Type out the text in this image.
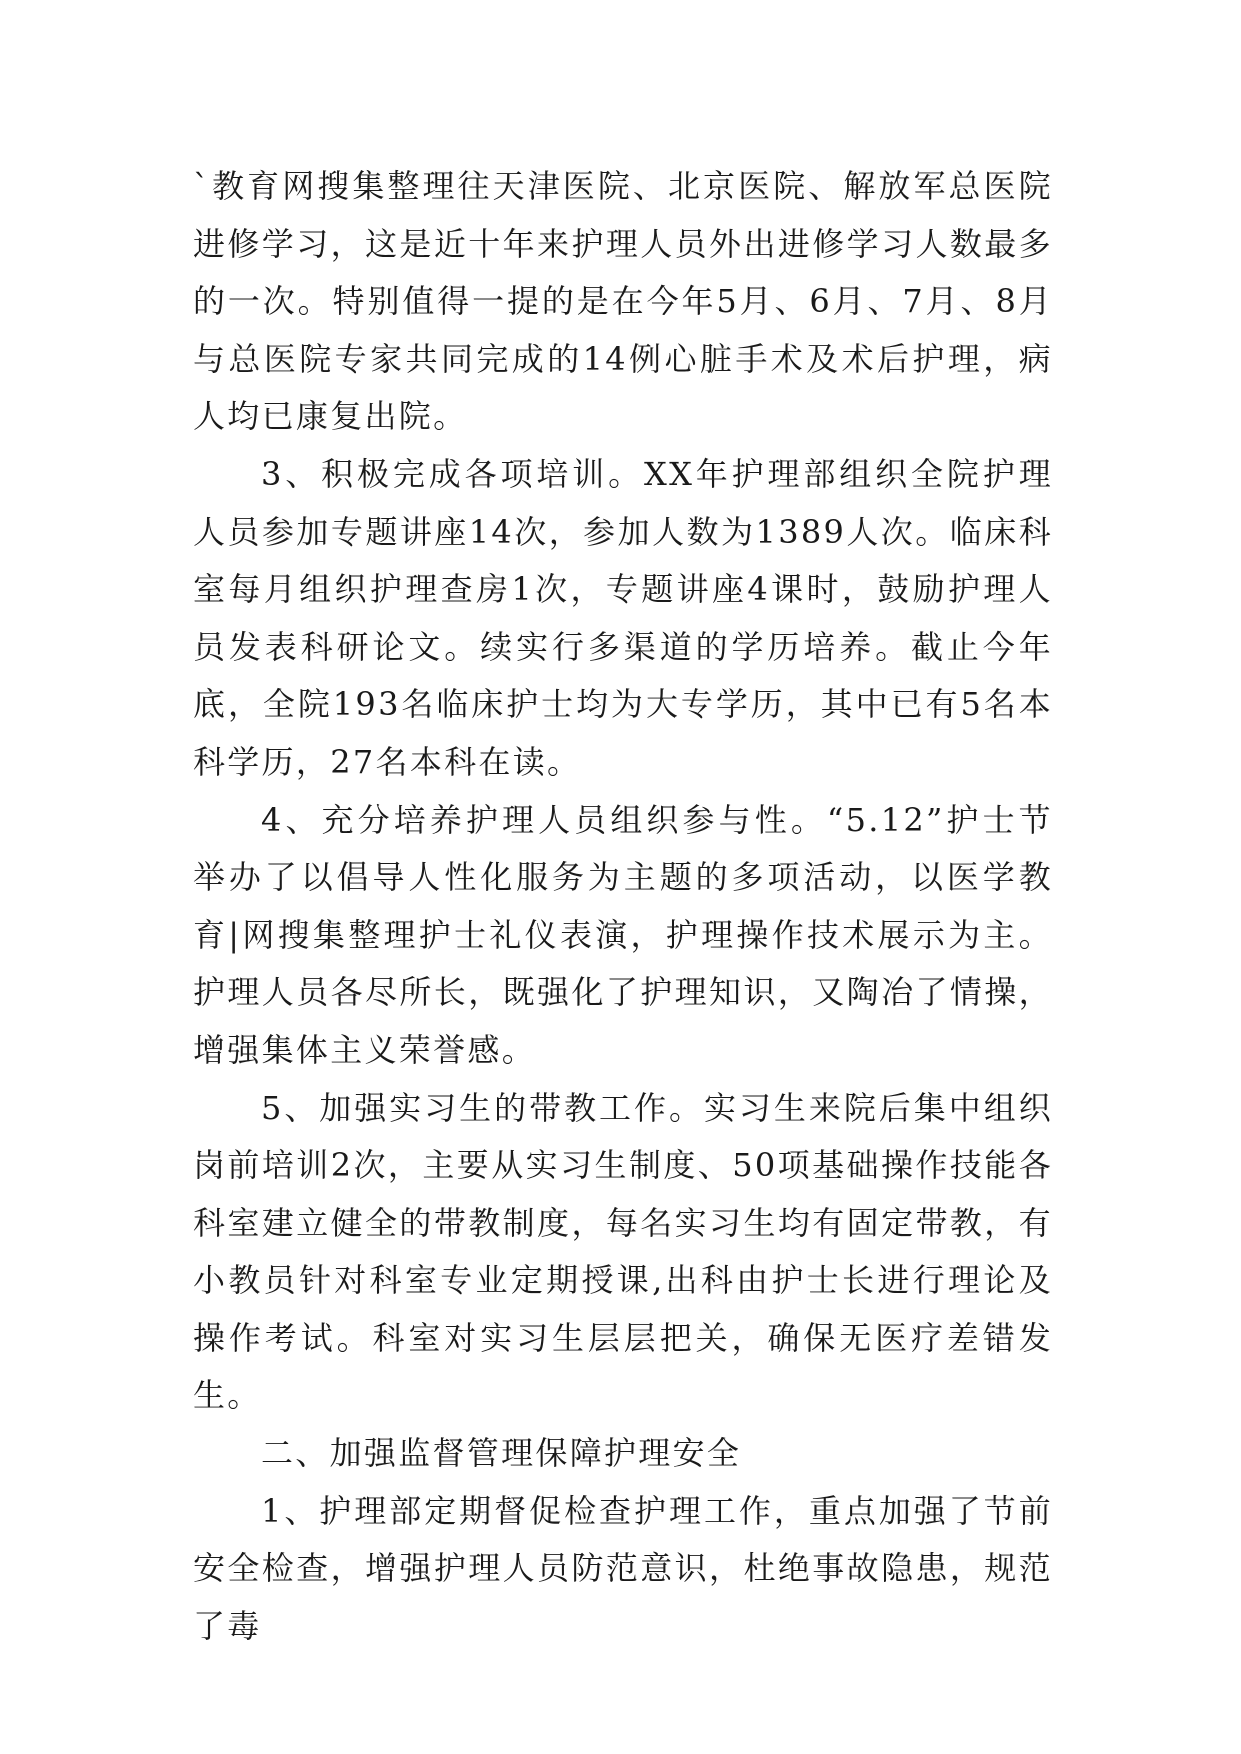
`教育网搜集整理往天津医院、北京医院、解放军总医院进修学习，这是近十年来护理人员外出进修学习人数最多的一次。特别值得一提的是在今年5月、6月、7月、8月与总医院专家共同完成的14例心脏手术及术后护理，病人均已康复出院。

3、积极完成各项培训。XX年护理部组织全院护理人员参加专题讲座14次，参加人数为1389人次。临床科室每月组织护理查房1次，专题讲座4课时，鼓励护理人员发表科研论文。续实行多渠道的学历培养。截止今年底，全院193名临床护士均为大专学历，其中已有5名本科学历，27名本科在读。

4、充分培养护理人员组织参与性。“5.12”护士节举办了以倡导人性化服务为主题的多项活动，以医学教育|网搜集整理护士礼仪表演，护理操作技术展示为主。护理人员各尽所长，既强化了护理知识，又陶冶了情操，增强集体主义荣誉感。

5、加强实习生的带教工作。实习生来院后集中组织岗前培训2次，主要从实习生制度、50项基础操作技能各科室建立健全的带教制度，每名实习生均有固定带教，有小教员针对科室专业定期授课,出科由护士长进行理论及操作考试。科室对实习生层层把关，确保无医疗差错发生。

二、加强监督管理保障护理安全

1、护理部定期督促检查护理工作，重点加强了节前安全检查，增强护理人员防范意识，杜绝事故隐患，规范了毒
